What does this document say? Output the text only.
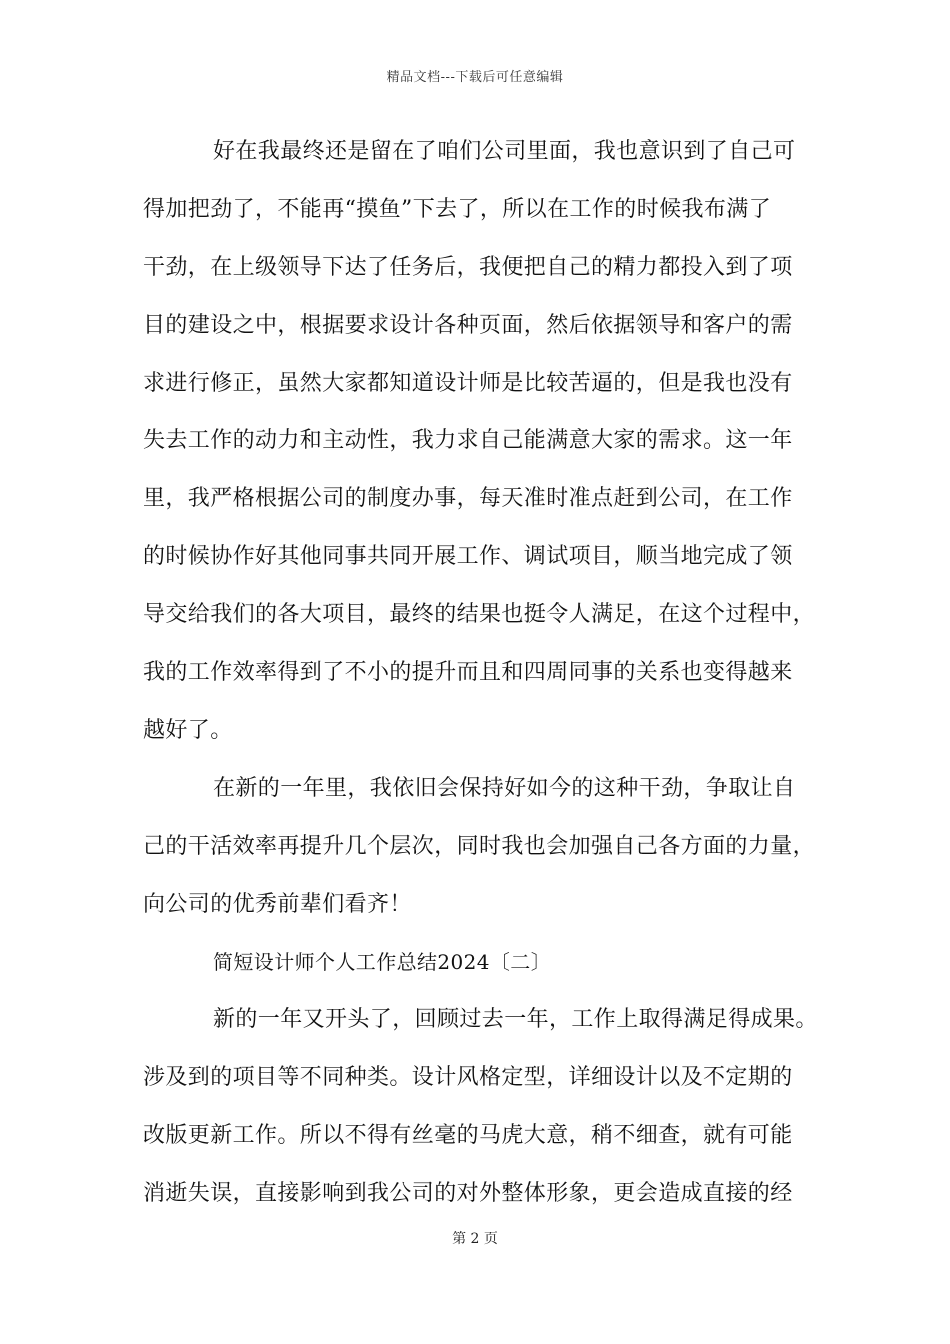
精品文档---下载后可任意编辑
好在我最终还是留在了咱们公司里面，我也意识到了自己可
得加把劲了，不能再“摸鱼”下去了，所以在工作的时候我布满了
干劲，在上级领导下达了任务后，我便把自己的精力都投入到了项
目的建设之中，根据要求设计各种页面，然后依据领导和客户的需
求进行修正，虽然大家都知道设计师是比较苦逼的，但是我也没有
失去工作的动力和主动性，我力求自己能满意大家的需求。这一年
里，我严格根据公司的制度办事，每天准时准点赶到公司，在工作
的时候协作好其他同事共同开展工作、调试项目，顺当地完成了领
导交给我们的各大项目，最终的结果也挺令人满足，在这个过程中，
我的工作效率得到了不小的提升而且和四周同事的关系也变得越来
越好了。
在新的一年里，我依旧会保持好如今的这种干劲，争取让自
己的干活效率再提升几个层次，同时我也会加强自己各方面的力量，
向公司的优秀前辈们看齐！
简短设计师个人工作总结2024〔二〕
新的一年又开头了，回顾过去一年，工作上取得满足得成果。
涉及到的项目等不同种类。设计风格定型，详细设计以及不定期的
改版更新工作。所以不得有丝毫的马虎大意，稍不细查，就有可能
消逝失误，直接影响到我公司的对外整体形象，更会造成直接的经
第 2 页
